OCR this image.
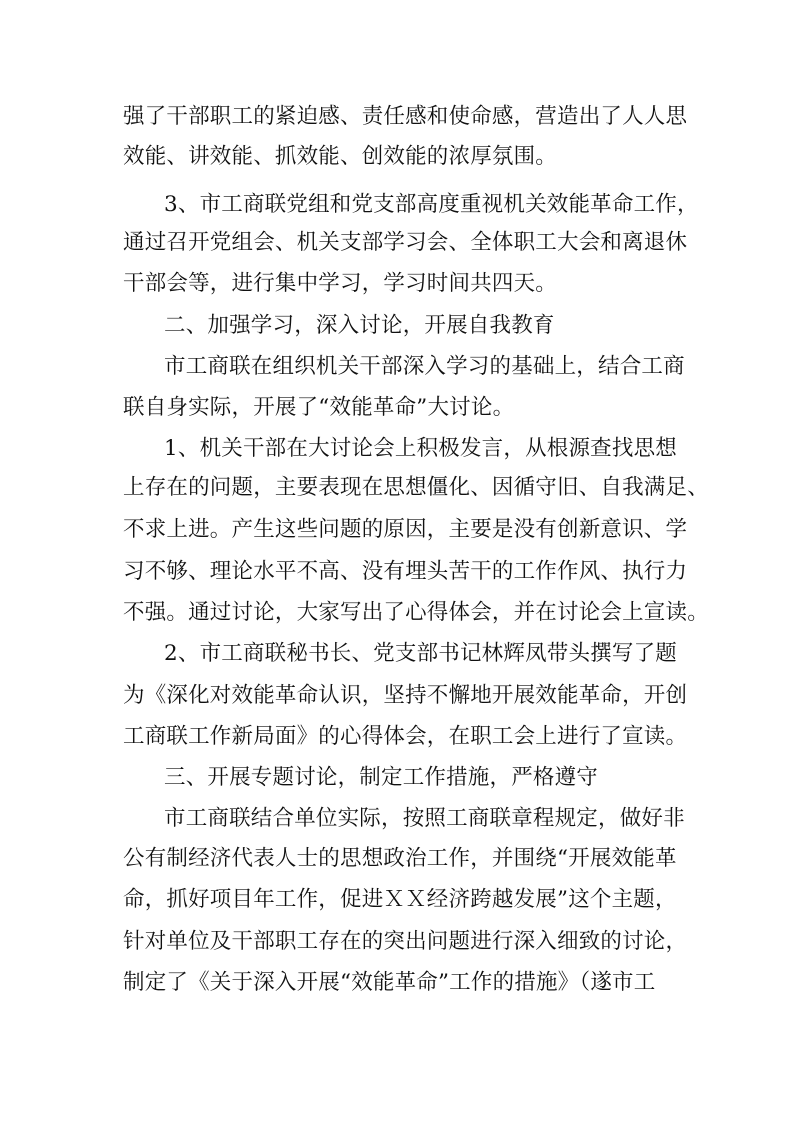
强了干部职工的紧迫感、责任感和使命感，营造出了人人思
效能、讲效能、抓效能、创效能的浓厚氛围。
3、市工商联党组和党支部高度重视机关效能革命工作，
通过召开党组会、机关支部学习会、全体职工大会和离退休
干部会等，进行集中学习，学习时间共四天。
二、加强学习，深入讨论，开展自我教育
市工商联在组织机关干部深入学习的基础上，结合工商
联自身实际，开展了“效能革命”大讨论。
1、机关干部在大讨论会上积极发言，从根源查找思想
上存在的问题，主要表现在思想僵化、因循守旧、自我满足、
不求上进。产生这些问题的原因，主要是没有创新意识、学
习不够、理论水平不高、没有埋头苦干的工作作风、执行力
不强。通过讨论，大家写出了心得体会，并在讨论会上宣读。
2、市工商联秘书长、党支部书记林辉凤带头撰写了题
为《深化对效能革命认识，坚持不懈地开展效能革命，开创
工商联工作新局面》的心得体会，在职工会上进行了宣读。
三、开展专题讨论，制定工作措施，严格遵守
市工商联结合单位实际，按照工商联章程规定，做好非
公有制经济代表人士的思想政治工作，并围绕“开展效能革
命，抓好项目年工作，促进ＸＸ经济跨越发展”这个主题，
针对单位及干部职工存在的突出问题进行深入细致的讨论，
制定了《关于深入开展“效能革命”工作的措施》（遂市工
